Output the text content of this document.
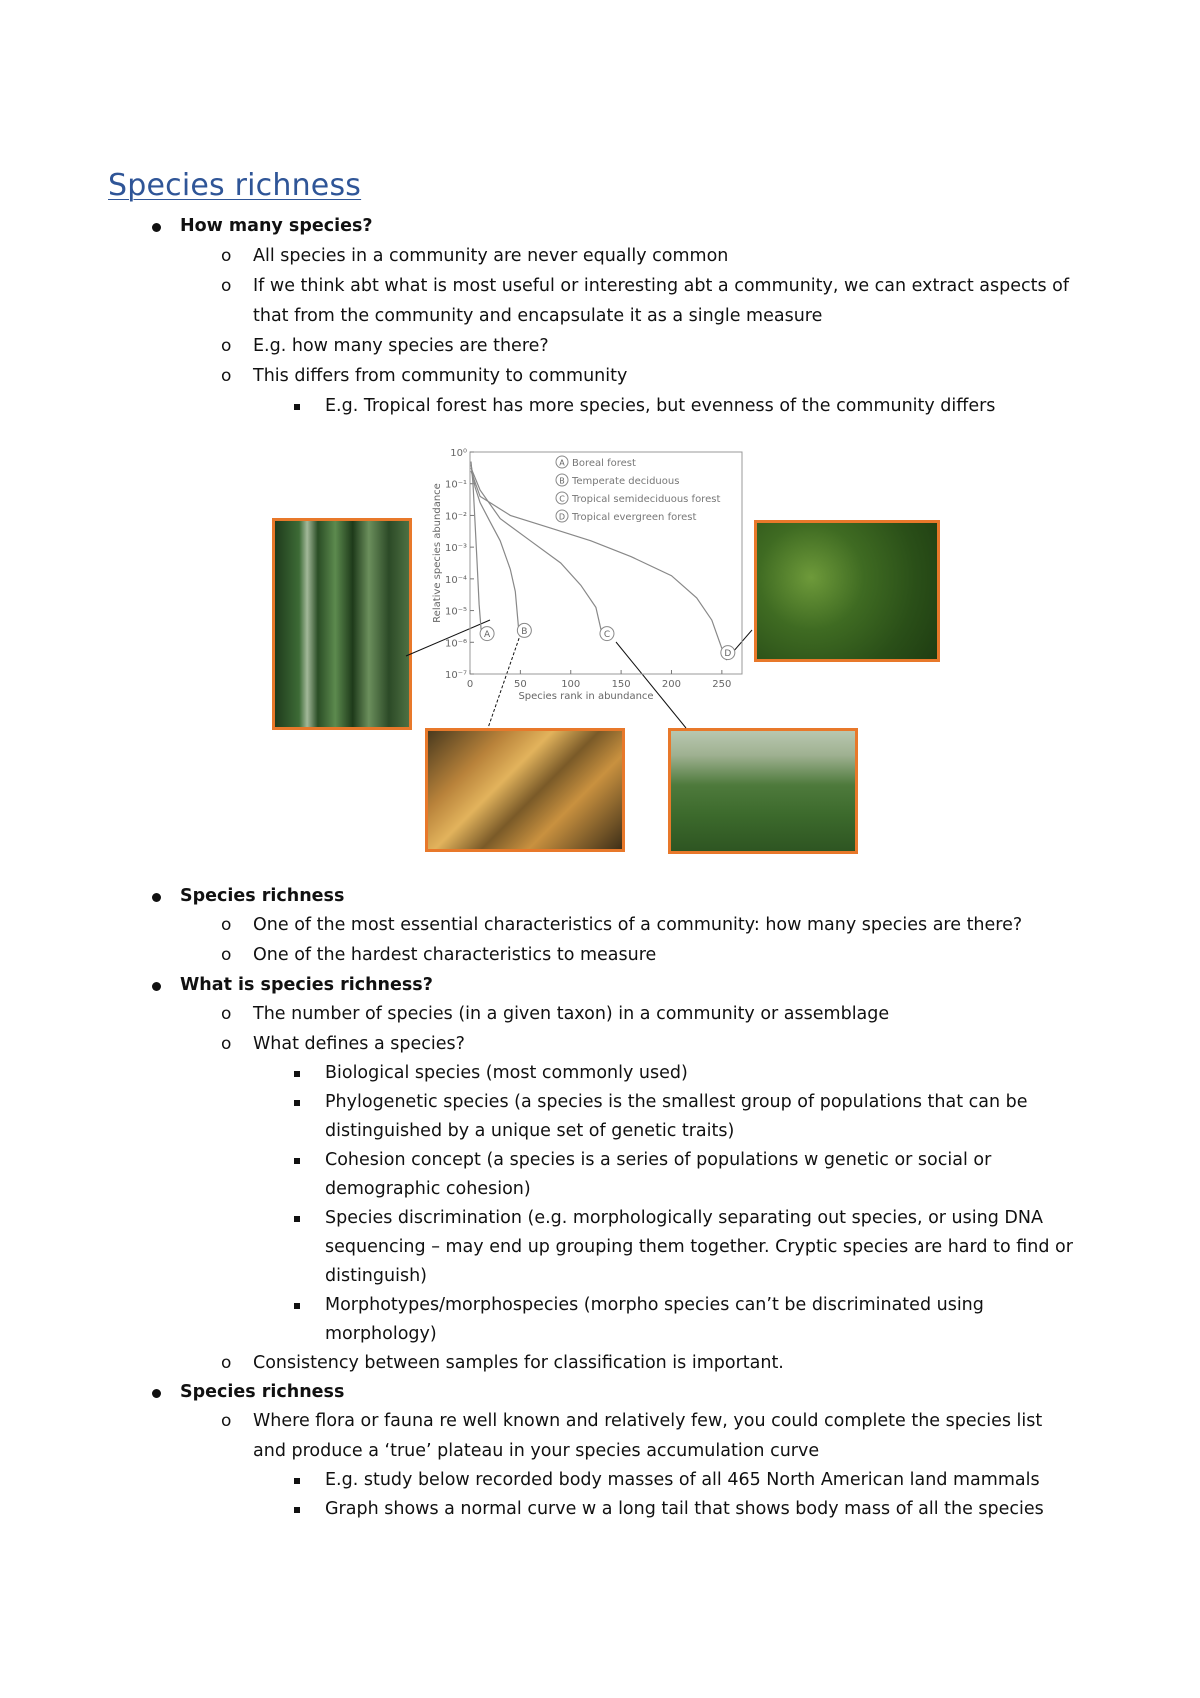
Species richness
How many species?
o All species in a community are never equally common
o If we think abt what is most useful or interesting abt a community, we can extract aspects of
that from the community and encapsulate it as a single measure
o E.g. how many species are there?
o This differs from community to community
E.g. Tropical forest has more species, but evenness of the community differs
10⁰
10⁻¹
10⁻²
10⁻³
10⁻⁴
10⁻⁵
10⁻⁶
10⁻⁷
0	50	100	150	200	250
Species rank in abundance
Relative species abundance
A	B	C
D
A Boreal forest
B Temperate deciduous
C Tropical semideciduous forest
D Tropical evergreen forest
Species richness
o One of the most essential characteristics of a community: how many species are there?
o One of the hardest characteristics to measure
What is species richness?
o The number of species (in a given taxon) in a community or assemblage
o What defines a species?
Biological species (most commonly used)
Phylogenetic species (a species is the smallest group of populations that can be
distinguished by a unique set of genetic traits)
Cohesion concept (a species is a series of populations w genetic or social or
demographic cohesion)
Species discrimination (e.g. morphologically separating out species, or using DNA
sequencing – may end up grouping them together. Cryptic species are hard to find or
distinguish)
Morphotypes/morphospecies (morpho species can’t be discriminated using
morphology)
o Consistency between samples for classification is important.
Species richness
o Where flora or fauna re well known and relatively few, you could complete the species list
and produce a ‘true’ plateau in your species accumulation curve
E.g. study below recorded body masses of all 465 North American land mammals
Graph shows a normal curve w a long tail that shows body mass of all the species
